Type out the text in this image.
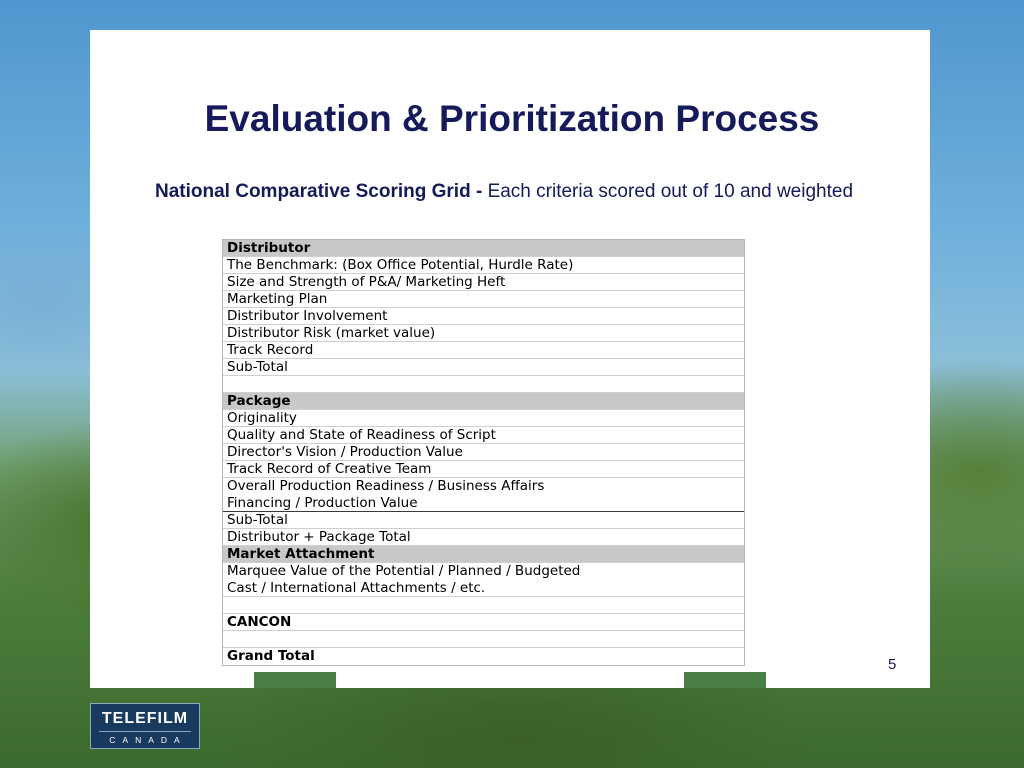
Evaluation & Prioritization Process
National Comparative Scoring Grid - Each criteria scored out of 10 and weighted
Distributor
The Benchmark: (Box Office Potential, Hurdle Rate)
Size and Strength of P&A/ Marketing Heft
Marketing Plan
Distributor Involvement
Distributor Risk (market value)
Track Record
Sub-Total
Package
Originality
Quality and State of Readiness of Script
Director's Vision / Production Value
Track Record of Creative Team
Overall Production Readiness / Business Affairs
Financing / Production Value
Sub-Total
Distributor + Package Total
Market Attachment
Marquee Value of the Potential / Planned / Budgeted
Cast / International Attachments / etc.
CANCON
Grand Total	5
TELEFILM
CANADA
